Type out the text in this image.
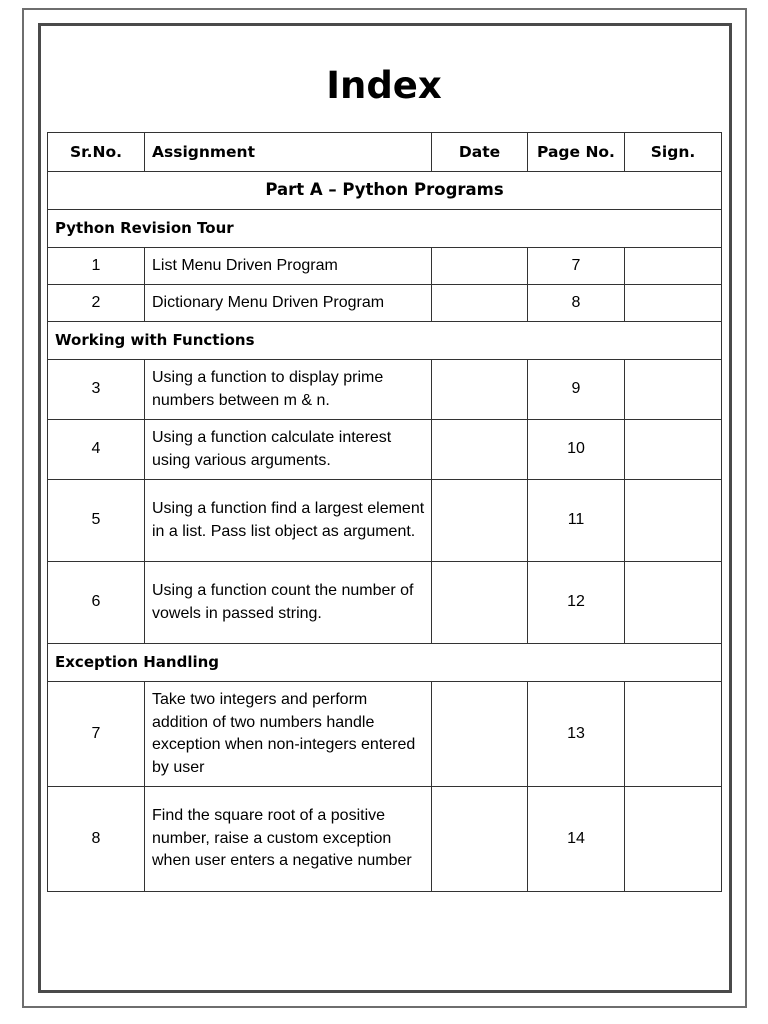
Index
Sr.No.	Assignment	Date	Page No.	Sign.
Part A – Python Programs				
Python Revision Tour				
1	List Menu Driven Program		7	
2	Dictionary Menu Driven Program		8	
Working with Functions				
3	Using a function to display prime numbers between m & n.		9	
4	Using a function calculate interest using various arguments.		10	
5	Using a function find a largest element in a list. Pass list object as argument.		11	
6	Using a function count the number of vowels in passed string.		12	
Exception Handling				
7	Take two integers and perform addition of two numbers handle exception when non-integers entered by user		13	
8	Find the square root of a positive number, raise a custom exception when user enters a negative number		14	
